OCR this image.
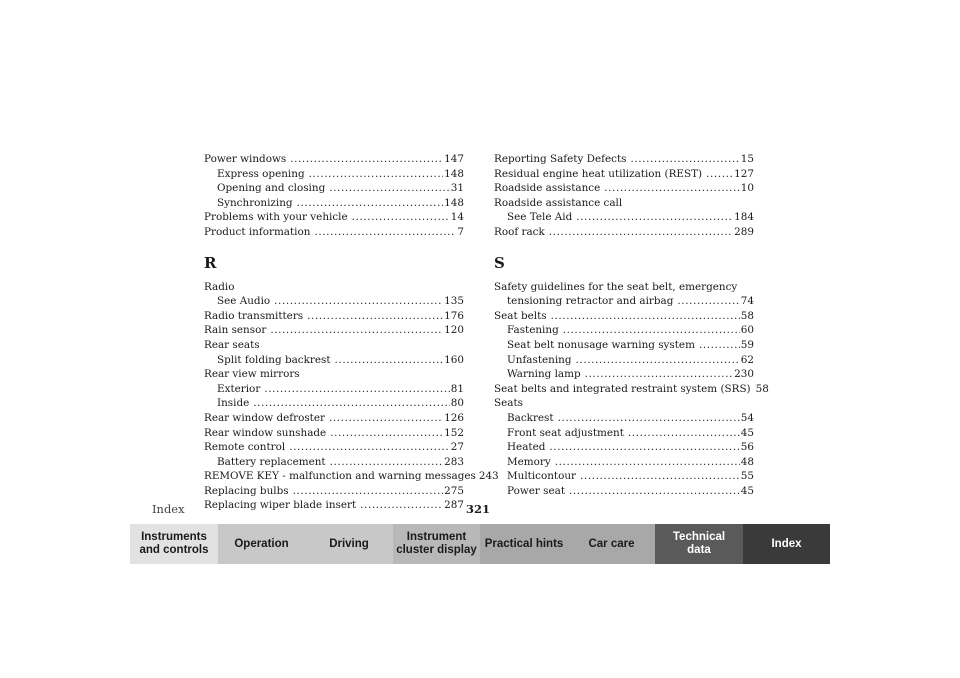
Power windows .....	147
Express opening .....	148
Opening and closing .....	31
Synchronizing .....	148
Problems with your vehicle .....	14
Product information .....	7
R
Radio
See Audio .....	135
Radio transmitters .....	176
Rain sensor .....	120
Rear seats
Split folding backrest .....	160
Rear view mirrors
Exterior .....	81
Inside .....	80
Rear window defroster .....	126
Rear window sunshade .....	152
Remote control .....	27
Battery replacement .....	283
REMOVE KEY - malfunction and warning messages 243
Replacing bulbs .....	275
Replacing wiper blade insert .....	287
Reporting Safety Defects .....	15
Residual engine heat utilization (REST) .....	127
Roadside assistance .....	10
Roadside assistance call
See Tele Aid .....	184
Roof rack .....	289
S
Safety guidelines for the seat belt, emergency
tensioning retractor and airbag .....	74
Seat belts .....	58
Fastening .....	60
Seat belt nonusage warning system .....	59
Unfastening .....	62
Warning lamp .....	230
Seat belts and integrated restraint system (SRS) 58
Seats
Backrest .....	54
Front seat adjustment .....	45
Heated .....	56
Memory .....	48
Multicontour .....	55
Power seat .....	45
Index	321
Instruments
and controls
Operation	Driving
Instrument
cluster display
Practical hints Car care
Technical
data
Index
